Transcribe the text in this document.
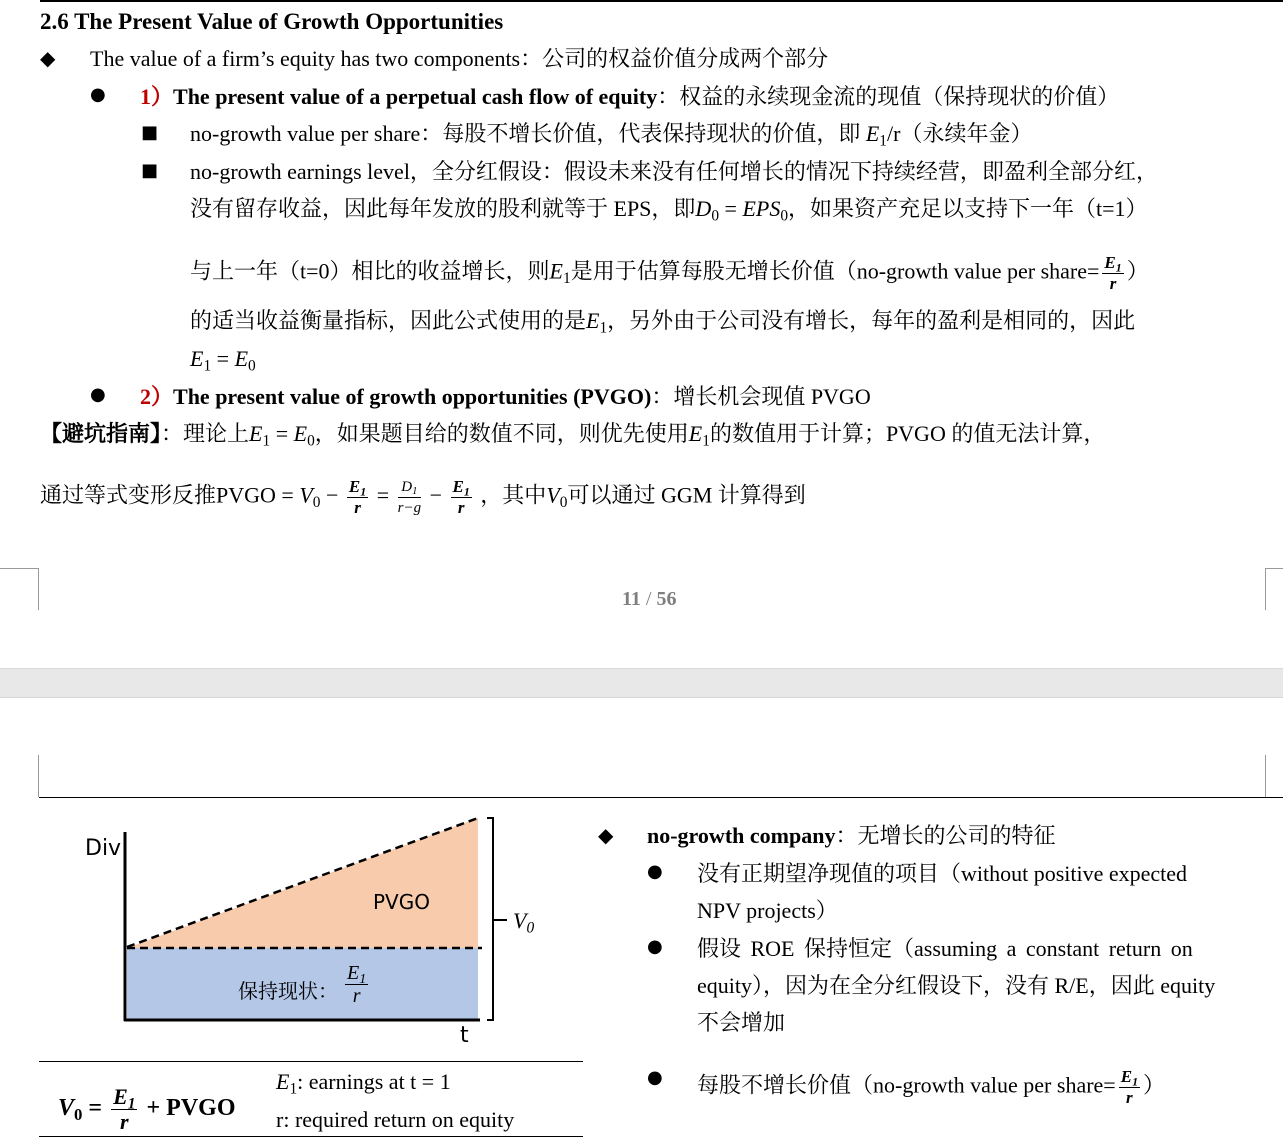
2.6 The Present Value of Growth Opportunities
◆ The value of a firm’s equity has two components：公司的权益价值分成两个部分
● 1）The present value of a perpetual cash flow of equity：权益的永续现金流的现值（保持现状的价值）
■ no-growth value per share：每股不增长价值，代表保持现状的价值，即 $E_1/r$（永续年金）
■ no-growth earnings level，全分红假设：假设未来没有任何增长的情况下持续经营，即盈利全部分红，
没有留存收益，因此每年发放的股利就等于 EPS，即$D_0 = EPS_0$，如果资产充足以支持下一年（t=1）
与上一年（t=0）相比的收益增长，则$E_1$是用于估算每股无增长价值（no-growth value per share= $\frac{E_1}{r}$ ）
的适当收益衡量指标，因此公式使用的是$E_1$，另外由于公司没有增长，每年的盈利是相同的，因此
$E_1 = E_0$
● 2）The present value of growth opportunities (PVGO)：增长机会现值 PVGO
【避坑指南】：理论上$E_1 = E_0$，如果题目给的数值不同，则优先使用$E_1$的数值用于计算；PVGO 的值无法计算，
通过等式变形反推PVGO = $V_0 - \frac{E_1}{r} = \frac{D_1}{r-g} - \frac{E_1}{r}$ ，其中$V_0$可以通过 GGM 计算得到
11 / 56
Div
t
PVGO
保持现状： $\frac{E_1}{r}$
$V_0$
$V_0 = \frac{E_1}{r}$ + PVGO
$E_1$: earnings at t = 1
r: required return on equity
◆ no-growth company：无增长的公司的特征
● 没有正期望净现值的项目（without positive expected
NPV projects）
● 假设 ROE 保持恒定（assuming a constant return on
equity），因为在全分红假设下，没有 R/E，因此 equity
不会增加
● 每股不增长价值（no-growth value per share= $\frac{E_1}{r}$ ）
